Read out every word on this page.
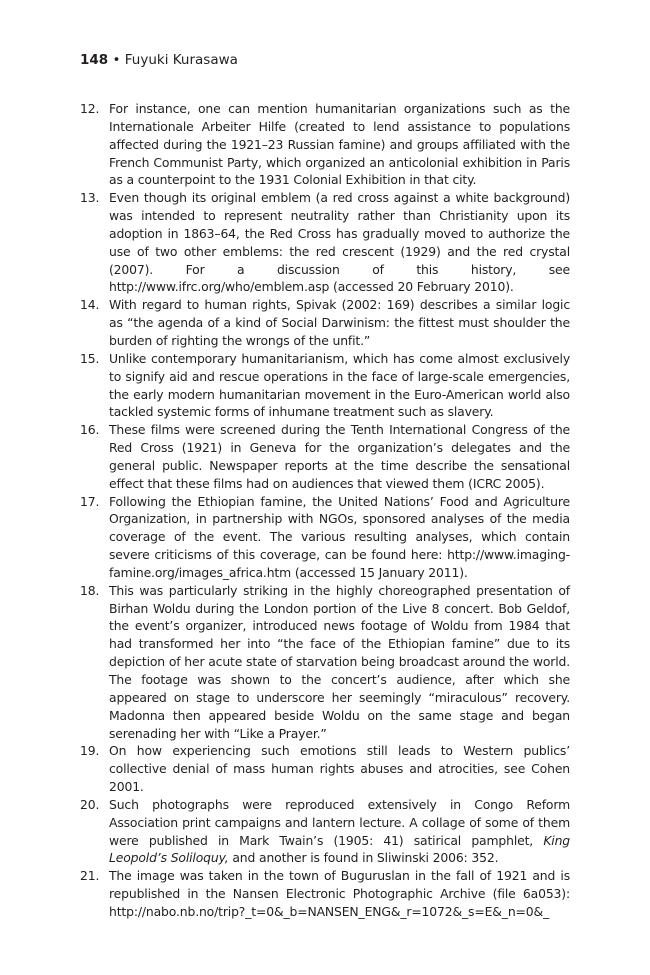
148 • Fuyuki Kurasawa
12. For instance, one can mention humanitarian organizations such as the Internationale Arbeiter Hilfe (created to lend assistance to populations affected during the 1921–23 Russian famine) and groups affiliated with the French Communist Party, which organized an anticolonial exhibition in Paris as a counterpoint to the 1931 Colonial Exhibition in that city.
13. Even though its original emblem (a red cross against a white background) was intended to represent neutrality rather than Christianity upon its adoption in 1863–64, the Red Cross has gradually moved to authorize the use of two other emblems: the red crescent (1929) and the red crystal (2007). For a discussion of this history, see http://www.ifrc.org/who/emblem.asp (accessed 20 February 2010).
14. With regard to human rights, Spivak (2002: 169) describes a similar logic as “the agenda of a kind of Social Darwinism: the fittest must shoulder the burden of righting the wrongs of the unfit.”
15. Unlike contemporary humanitarianism, which has come almost exclusively to signify aid and rescue operations in the face of large-scale emergencies, the early modern humanitarian movement in the Euro-American world also tackled systemic forms of inhumane treatment such as slavery.
16. These films were screened during the Tenth International Congress of the Red Cross (1921) in Geneva for the organization’s delegates and the general public. Newspaper reports at the time describe the sensational effect that these films had on audiences that viewed them (ICRC 2005).
17. Following the Ethiopian famine, the United Nations’ Food and Agriculture Organization, in partnership with NGOs, sponsored analyses of the media coverage of the event. The various resulting analyses, which contain severe criticisms of this coverage, can be found here: http://www.imaging-famine.org/images_africa.htm (accessed 15 January 2011).
18. This was particularly striking in the highly choreographed presentation of Birhan Woldu during the London portion of the Live 8 concert. Bob Geldof, the event’s organizer, introduced news footage of Woldu from 1984 that had transformed her into “the face of the Ethiopian famine” due to its depiction of her acute state of starvation being broadcast around the world. The footage was shown to the concert’s audience, after which she appeared on stage to underscore her seemingly “miraculous” recovery. Madonna then appeared beside Woldu on the same stage and began serenading her with “Like a Prayer.”
19. On how experiencing such emotions still leads to Western publics’ collective denial of mass human rights abuses and atrocities, see Cohen 2001.
20. Such photographs were reproduced extensively in Congo Reform Association print campaigns and lantern lecture. A collage of some of them were published in Mark Twain’s (1905: 41) satirical pamphlet, King Leopold’s Soliloquy, and another is found in Sliwinski 2006: 352.
21. The image was taken in the town of Buguruslan in the fall of 1921 and is republished in the Nansen Electronic Photographic Archive (file 6a053): http://nabo.nb.no/trip?_t=0&_b=NANSEN_ENG&_r=1072&_s=E&_n=0&_
